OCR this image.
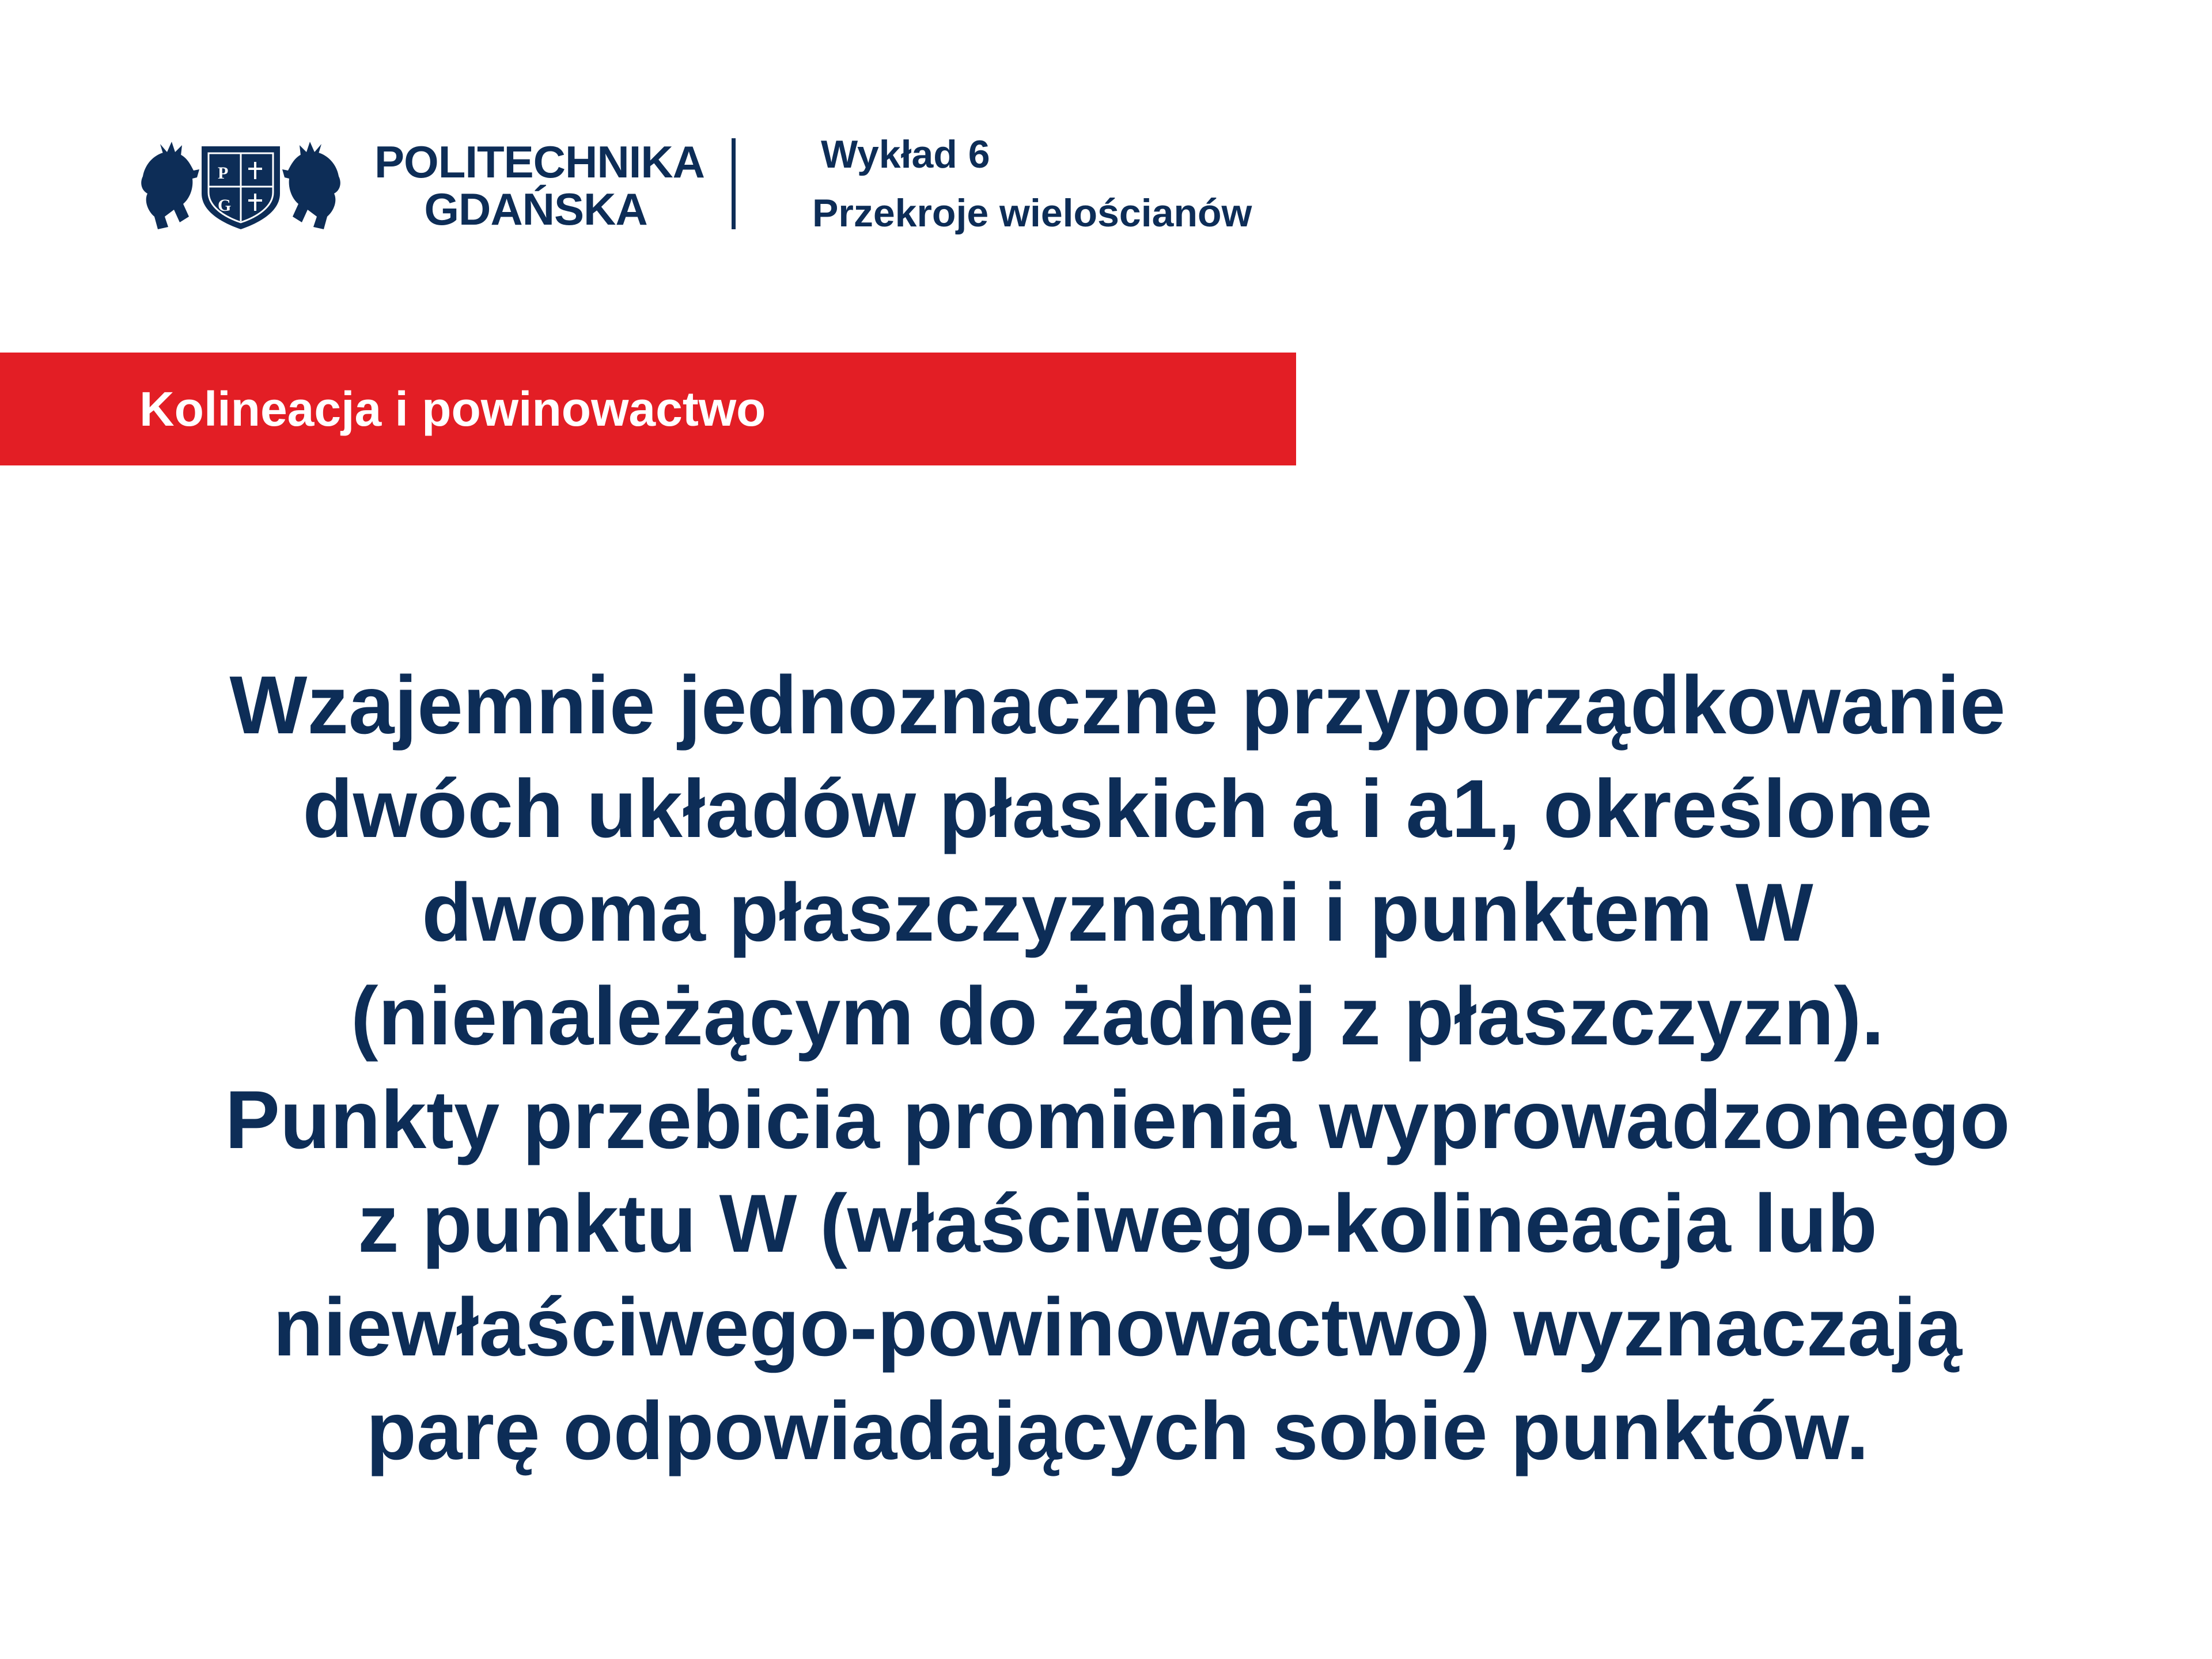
P
G
POLITECHNIKA
GDAŃSKA
Wykład 6
Przekroje wielościanów
Kolineacja i powinowactwo
Wzajemnie jednoznaczne przyporządkowanie
dwóch układów płaskich a i a1, określone
dwoma płaszczyznami i punktem W
(nienależącym do żadnej z płaszczyzn).
Punkty przebicia promienia wyprowadzonego
z punktu W (właściwego-kolineacja lub
niewłaściwego-powinowactwo) wyznaczają
parę odpowiadających sobie punktów.
